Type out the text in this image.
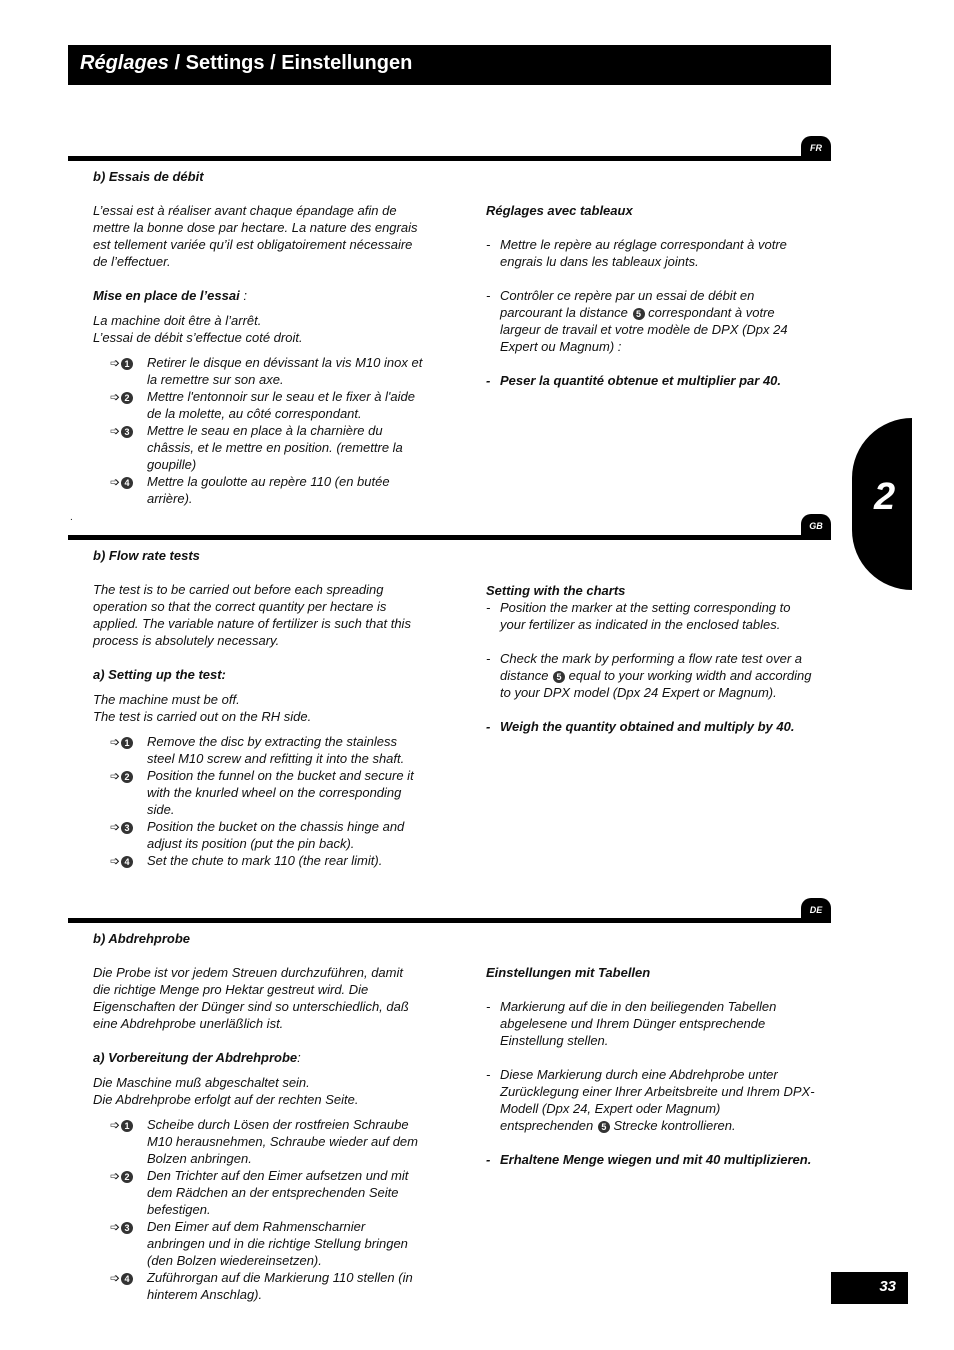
Réglages / Settings / Einstellungen
2
FR

b) Essais de débit

L’essai est à réaliser avant chaque épandage afin de mettre la bonne dose par hectare. La nature des engrais est tellement variée qu’il est obligatoirement nécessaire de l’effectuer.

Mise en place de l’essai :

La machine doit être à l’arrêt.

L’essai de débit s’effectue coté droit.

➩ 1 Retirer le disque en dévissant la vis M10 inox et la remettre sur son axe.

➩ 2 Mettre l'entonnoir sur le seau et le fixer à l'aide de la molette, au côté correspondant.

➩ 3 Mettre le seau en place à la charnière du châssis, et le mettre en position. (remettre la goupille)

➩ 4 Mettre la goulotte au repère 110 (en butée arrière).

Réglages avec tableaux

- Mettre le repère au réglage correspondant à votre engrais lu dans les tableaux joints.

- Contrôler ce repère par un essai de débit en parcourant la distance 5 correspondant à votre largeur de travail et votre modèle de DPX (Dpx 24 Expert ou Magnum) :

- Peser la quantité obtenue et multiplier par 40.

.
GB

b) Flow rate tests

The test is to be carried out before each spreading operation so that the correct quantity per hectare is applied. The variable nature of fertilizer is such that this process is absolutely necessary.

a) Setting up the test:

The machine must be off.

The test is carried out on the RH side.

➩ 1 Remove the disc by extracting the stainless steel M10 screw and refitting it into the shaft.

➩ 2 Position the funnel on the bucket and secure it with the knurled wheel on the corresponding side.

➩ 3 Position the bucket on the chassis hinge and adjust its position (put the pin back).

➩ 4 Set the chute to mark 110 (the rear limit).

Setting with the charts

- Position the marker at the setting corresponding to your fertilizer as indicated in the enclosed tables.

- Check the mark by performing a flow rate test over a distance 5 equal to your working width and according to your DPX model (Dpx 24 Expert or Magnum).

- Weigh the quantity obtained and multiply by 40.

DE

b) Abdrehprobe

Die Probe ist vor jedem Streuen durchzuführen, damit die richtige Menge pro Hektar gestreut wird. Die Eigenschaften der Dünger sind so unterschiedlich, daß eine Abdrehprobe unerläßlich ist.

a) Vorbereitung der Abdrehprobe:

Die Maschine muß abgeschaltet sein.

Die Abdrehprobe erfolgt auf der rechten Seite.

➩ 1 Scheibe durch Lösen der rostfreien Schraube M10 herausnehmen, Schraube wieder auf dem Bolzen anbringen.

➩ 2 Den Trichter auf den Eimer aufsetzen und mit dem Rädchen an der entsprechenden Seite befestigen.

➩ 3 Den Eimer auf dem Rahmenscharnier anbringen und in die richtige Stellung bringen (den Bolzen wiedereinsetzen).

➩ 4 Zuführorgan auf die Markierung 110 stellen (in hinterem Anschlag).

Einstellungen mit Tabellen

- Markierung auf die in den beiliegenden Tabellen abgelesene und Ihrem Dünger entsprechende Einstellung stellen.

- Diese Markierung durch eine Abdrehprobe unter Zurücklegung einer Ihrer Arbeitsbreite und Ihrem DPX-Modell (Dpx 24, Expert oder Magnum) entsprechenden 5 Strecke kontrollieren.

- Erhaltene Menge wiegen und mit 40 multiplizieren.

33
